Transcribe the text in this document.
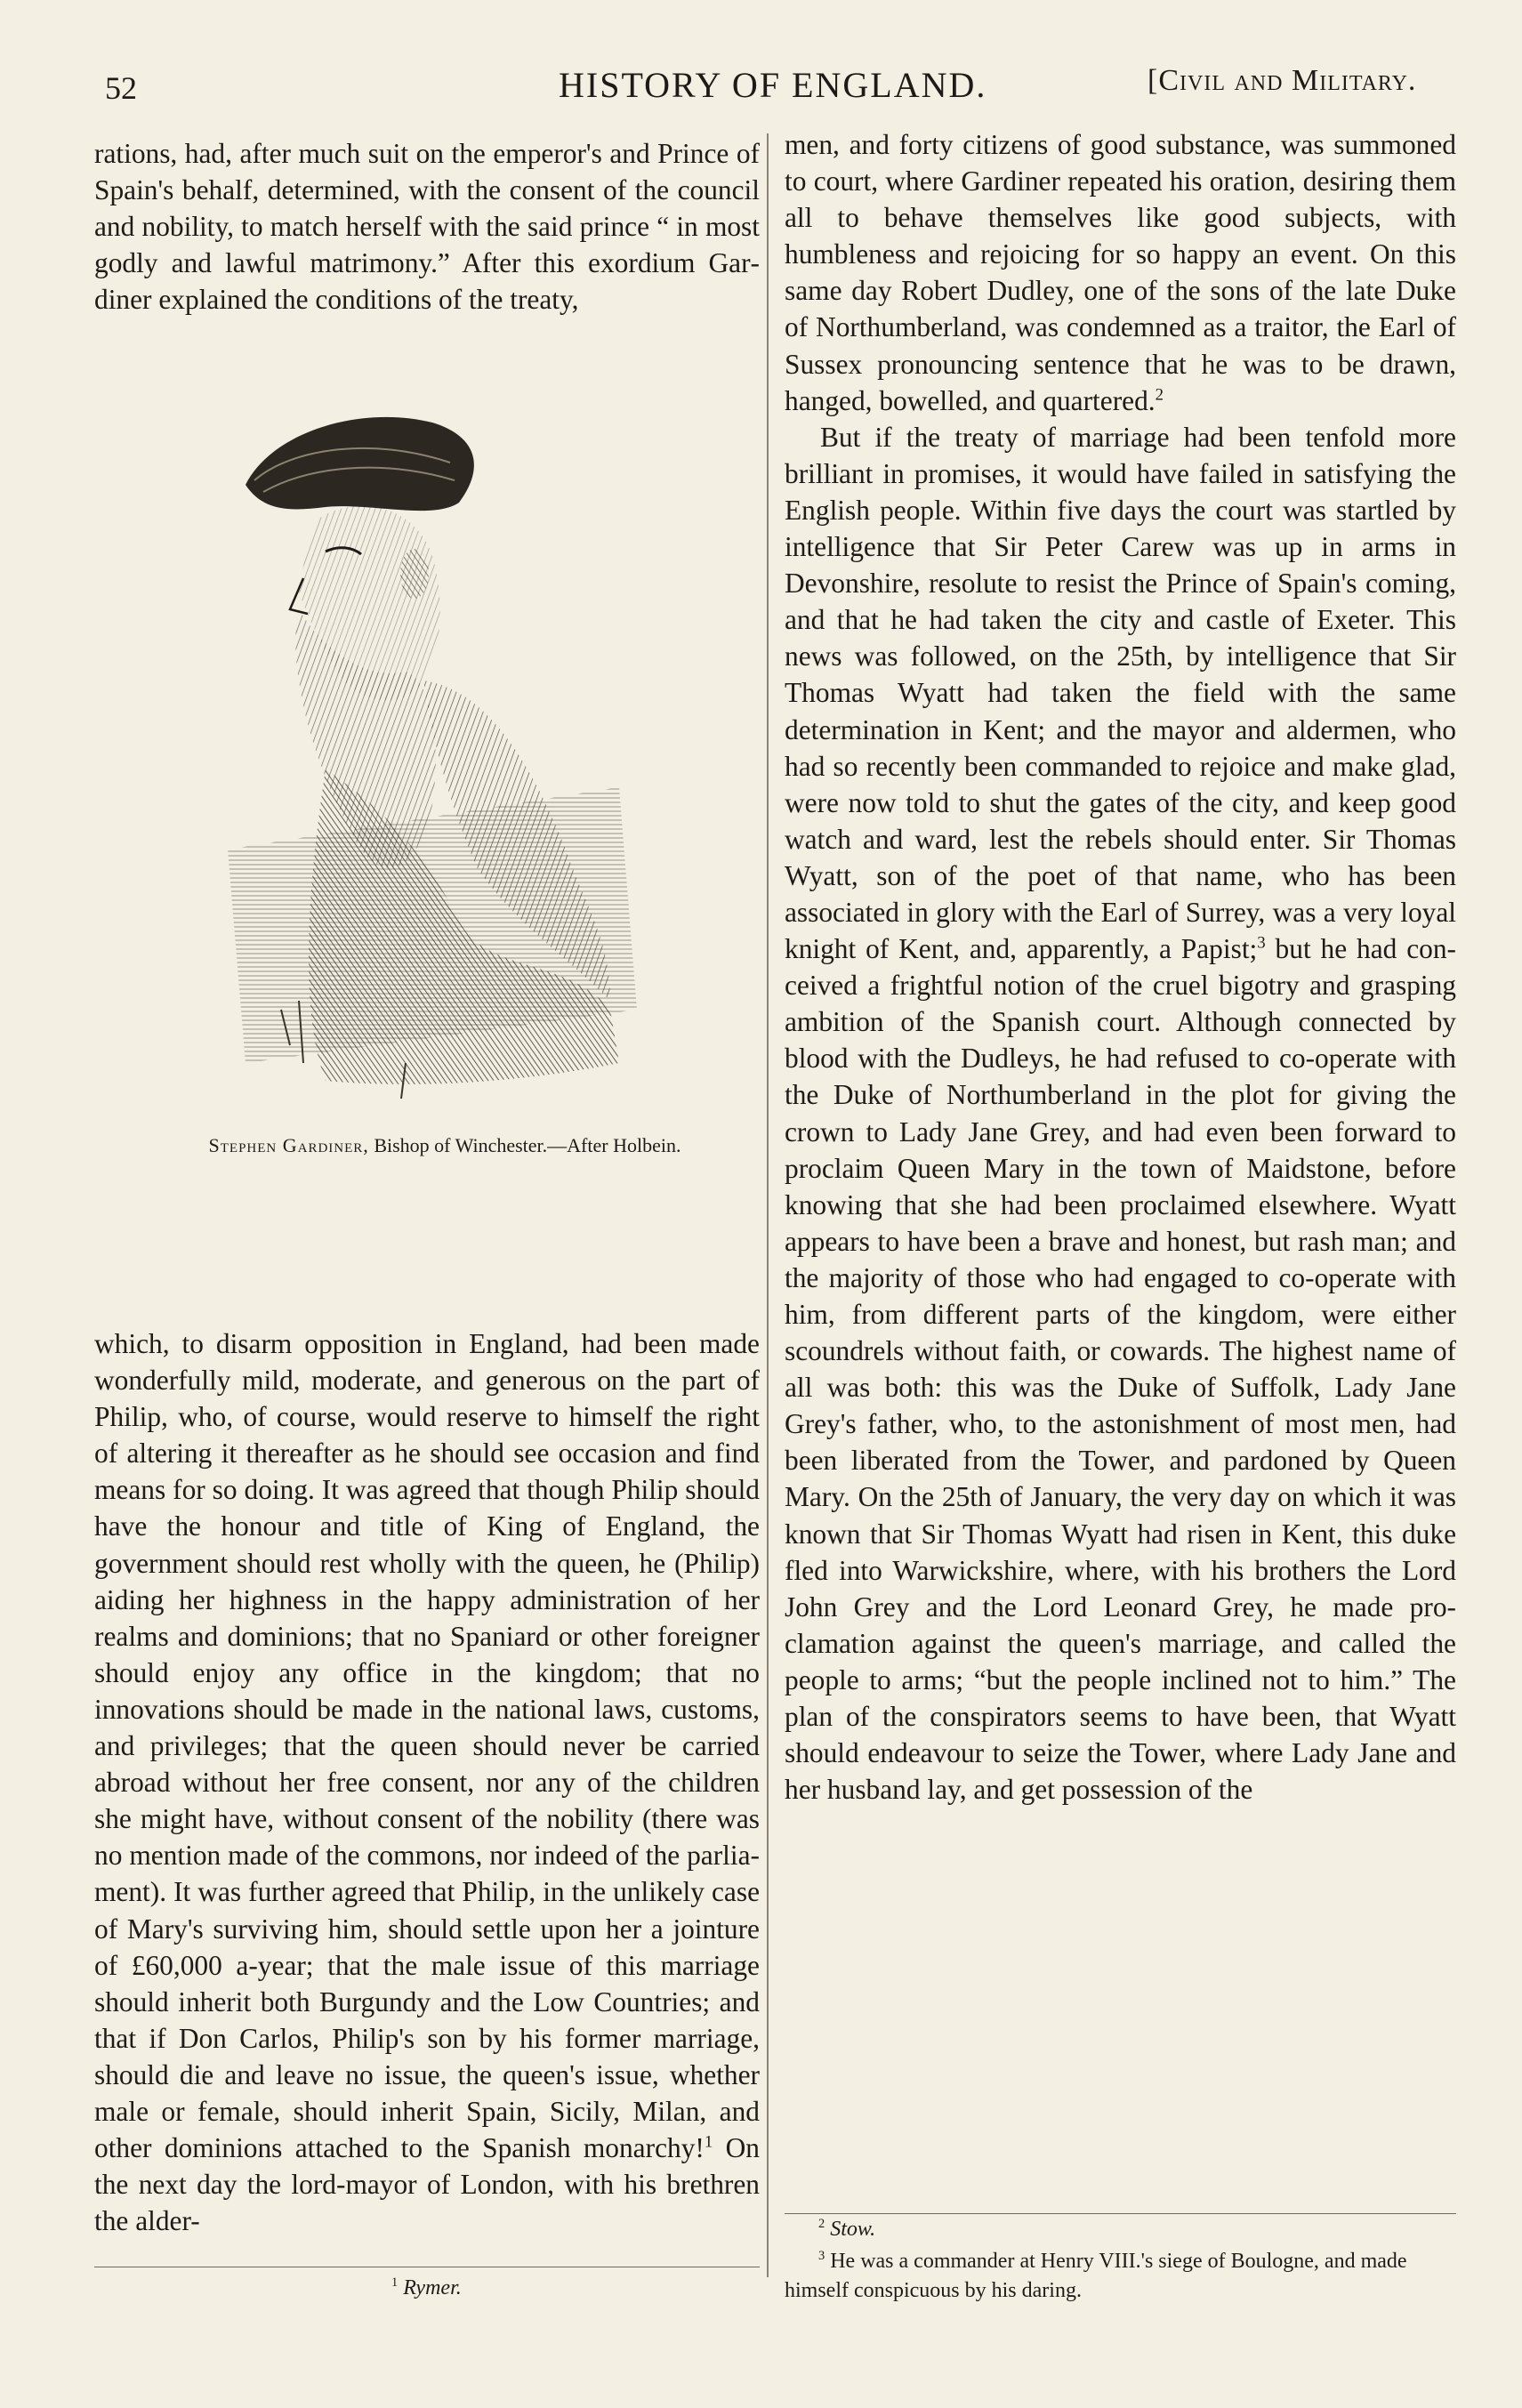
52	HISTORY OF ENGLAND.	[Civil and Military.

rations, had, after much suit on the emperor's and Prince of Spain's behalf, determined, with the consent of the council and nobility, to match herself with the said prince “ in most godly and lawful matrimony.” After this exordium Gardiner explained the conditions of the treaty,

Stephen Gardiner, Bishop of Winchester.—After Holbein.

which, to disarm opposition in England, had been made wonderfully mild, moderate, and generous on the part of Philip, who, of course, would reserve to himself the right of altering it thereafter as he should see occasion and find means for so doing. It was agreed that though Philip should have the honour and title of King of England, the government should rest wholly with the queen, he (Philip) aiding her highness in the happy administration of her realms and dominions; that no Spaniard or other foreigner should enjoy any office in the kingdom; that no innovations should be made in the national laws, customs, and privileges; that the queen should never be carried abroad without her free consent, nor any of the children she might have, without consent of the nobility (there was no mention made of the commons, nor indeed of the parliament). It was further agreed that Philip, in the unlikely case of Mary's surviving him, should settle upon her a jointure of £60,000 a-year; that the male issue of this marriage should inherit both Burgundy and the Low Countries; and that if Don Carlos, Philip's son by his former marriage, should die and leave no issue, the queen's issue, whether male or female, should inherit Spain, Sicily, Milan, and other dominions attached to the Spanish monarchy!$^1$ On the next day the lord-mayor of London, with his brethren the alder-

men, and forty citizens of good substance, was summoned to court, where Gardiner repeated his oration, desiring them all to behave themselves like good subjects, with humbleness and rejoicing for so happy an event. On this same day Robert Dudley, one of the sons of the late Duke of Northumberland, was condemned as a traitor, the Earl of Sussex pronouncing sentence that he was to be drawn, hanged, bowelled, and quartered.$^2$

But if the treaty of marriage had been tenfold more brilliant in promises, it would have failed in satisfying the English people. Within five days the court was startled by intelligence that Sir Peter Carew was up in arms in Devonshire, resolute to resist the Prince of Spain's coming, and that he had taken the city and castle of Exeter. This news was followed, on the 25th, by intelligence that Sir Thomas Wyatt had taken the field with the same determination in Kent; and the mayor and aldermen, who had so recently been commanded to rejoice and make glad, were now told to shut the gates of the city, and keep good watch and ward, lest the rebels should enter. Sir Thomas Wyatt, son of the poet of that name, who has been associated in glory with the Earl of Surrey, was a very loyal knight of Kent, and, apparently, a Papist;$^3$ but he had conceived a frightful notion of the cruel bigotry and grasping ambition of the Spanish court. Although connected by blood with the Dudleys, he had refused to co-operate with the Duke of Northumberland in the plot for giving the crown to Lady Jane Grey, and had even been forward to proclaim Queen Mary in the town of Maidstone, before knowing that she had been proclaimed elsewhere. Wyatt appears to have been a brave and honest, but rash man; and the majority of those who had engaged to co-operate with him, from different parts of the kingdom, were either scoundrels without faith, or cowards. The highest name of all was both: this was the Duke of Suffolk, Lady Jane Grey's father, who, to the astonishment of most men, had been liberated from the Tower, and pardoned by Queen Mary. On the 25th of January, the very day on which it was known that Sir Thomas Wyatt had risen in Kent, this duke fled into Warwickshire, where, with his brothers the Lord John Grey and the Lord Leonard Grey, he made proclamation against the queen's marriage, and called the people to arms; “but the people inclined not to him.” The plan of the conspirators seems to have been, that Wyatt should endeavour to seize the Tower, where Lady Jane and her husband lay, and get possession of the

$^1$ Rymer.
$^2$ Stow.
$^3$ He was a commander at Henry VIII.'s siege of Boulogne, and made himself conspicuous by his daring.
